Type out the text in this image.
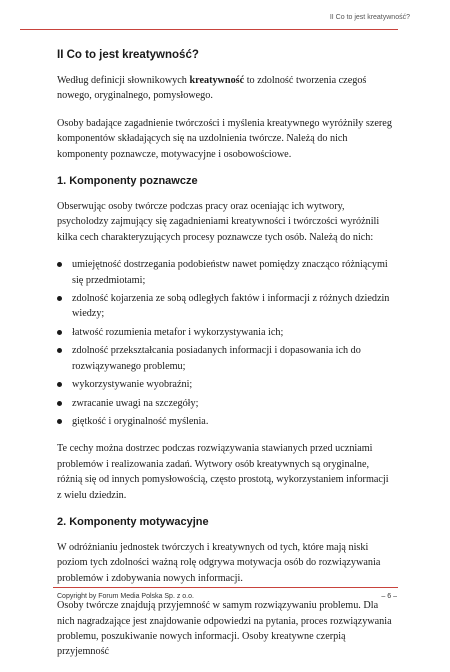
II Co to jest kreatywność?
II Co to jest kreatywność?

Według definicji słownikowych kreatywność to zdolność tworzenia czegoś nowego, oryginalnego, pomysłowego.

Osoby badające zagadnienie twórczości i myślenia kreatywnego wyróżniły szereg komponentów składających się na uzdolnienia twórcze. Należą do nich komponenty poznawcze, motywacyjne i osobowościowe.

1. Komponenty poznawcze

Obserwując osoby twórcze podczas pracy oraz oceniając ich wytwory, psycholodzy zajmujący się zagadnieniami kreatywności i twórczości wyróżnili kilka cech charakteryzujących procesy poznawcze tych osób. Należą do nich:

umiejętność dostrzegania podobieństw nawet pomiędzy znacząco różniącymi się przedmiotami;
zdolność kojarzenia ze sobą odległych faktów i informacji z różnych dziedzin wiedzy;
łatwość rozumienia metafor i wykorzystywania ich;
zdolność przekształcania posiadanych informacji i dopasowania ich do rozwiązywanego problemu;
wykorzystywanie wyobraźni;
zwracanie uwagi na szczegóły;
giętkość i oryginalność myślenia.

Te cechy można dostrzec podczas rozwiązywania stawianych przed uczniami problemów i realizowania zadań. Wytwory osób kreatywnych są oryginalne, różnią się od innych pomysłowością, często prostotą, wykorzystaniem informacji z wielu dziedzin.

2. Komponenty motywacyjne

W odróżnianiu jednostek twórczych i kreatywnych od tych, które mają niski poziom tych zdolności ważną rolę odgrywa motywacja osób do rozwiązywania problemów i zdobywania nowych informacji.

Osoby twórcze znajdują przyjemność w samym rozwiązywaniu problemu. Dla nich nagradzające jest znajdowanie odpowiedzi na pytania, proces rozwiązywania problemu, poszukiwanie nowych informacji. Osoby kreatywne czerpią przyjemność

Copyright by Forum Media Polska Sp. z o.o.	– 6 –
